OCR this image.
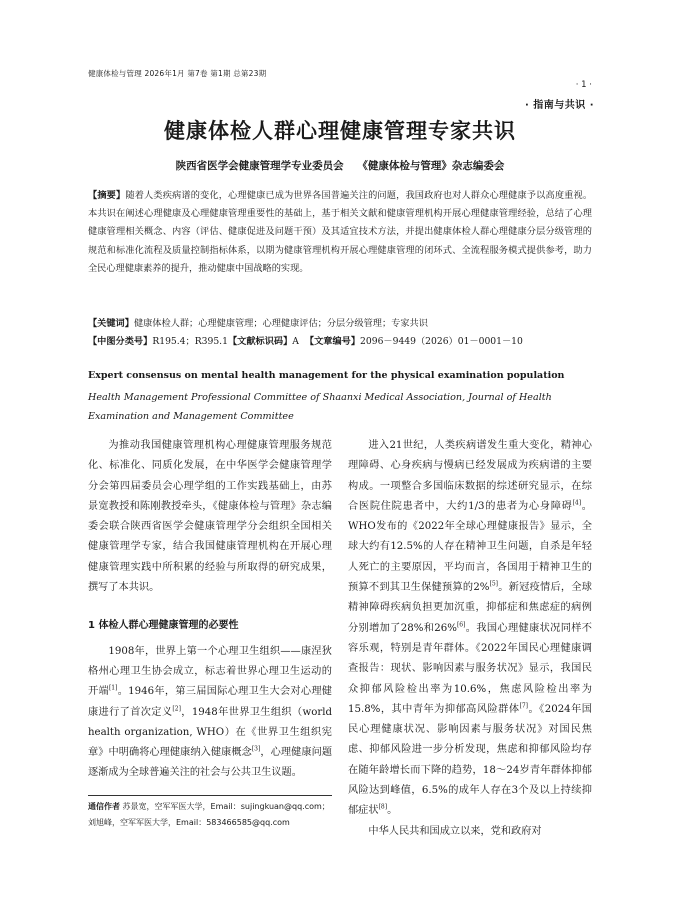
健康体检与管理 2026年1月 第7卷 第1期 总第23期
· 1 ·
· 指南与共识 ·
健康体检人群心理健康管理专家共识
陕西省医学会健康管理学专业委员会 《健康体检与管理》杂志编委会
【摘要】随着人类疾病谱的变化，心理健康已成为世界各国普遍关注的问题，我国政府也对人群众心理健康予以高度重视。本共识在阐述心理健康及心理健康管理重要性的基础上，基于相关文献和健康管理机构开展心理健康管理经验，总结了心理健康管理相关概念、内容（评估、健康促进及问题干预）及其适宜技术方法，并提出健康体检人群心理健康分层分级管理的规范和标准化流程及质量控制指标体系，以期为健康管理机构开展心理健康管理的闭环式、全流程服务模式提供参考，助力全民心理健康素养的提升，推动健康中国战略的实现。
【关键词】健康体检人群；心理健康管理；心理健康评估；分层分级管理；专家共识
【中图分类号】R195.4；R395.1【文献标识码】A 【文章编号】2096－9449（2026）01－0001－10
Expert consensus on mental health management for the physical examination population
Health Management Professional Committee of Shaanxi Medical Association, Journal of Health Examination and Management Committee

为推动我国健康管理机构心理健康管理服务规范化、标准化、同质化发展，在中华医学会健康管理学分会第四届委员会心理学组的工作实践基础上，由苏景宽教授和陈刚教授牵头，《健康体检与管理》杂志编委会联合陕西省医学会健康管理学分会组织全国相关健康管理学专家，结合我国健康管理机构在开展心理健康管理实践中所积累的经验与所取得的研究成果，撰写了本共识。

1 体检人群心理健康管理的必要性

1908年，世界上第一个心理卫生组织——康涅狄格州心理卫生协会成立，标志着世界心理卫生运动的开端[1]。1946年，第三届国际心理卫生大会对心理健康进行了首次定义[2]，1948年世界卫生组织（world health organization, WHO）在《世界卫生组织宪章》中明确将心理健康纳入健康概念[3]，心理健康问题逐渐成为全球普遍关注的社会与公共卫生议题。

进入21世纪，人类疾病谱发生重大变化，精神心理障碍、心身疾病与慢病已经发展成为疾病谱的主要构成。一项整合多国临床数据的综述研究显示，在综合医院住院患者中，大约1/3的患者为心身障碍[4]。WHO发布的《2022年全球心理健康报告》显示，全球大约有12.5%的人存在精神卫生问题，自杀是年轻人死亡的主要原因，平均而言，各国用于精神卫生的预算不到其卫生保健预算的2%[5]。新冠疫情后，全球精神障碍疾病负担更加沉重，抑郁症和焦虑症的病例分别增加了28%和26%[6]。我国心理健康状况同样不容乐观，特别是青年群体。《2022年国民心理健康调查报告：现状、影响因素与服务状况》显示，我国民众抑郁风险检出率为10.6%，焦虑风险检出率为15.8%，其中青年为抑郁高风险群体[7]。《2024年国民心理健康状况、影响因素与服务状况》对国民焦虑、抑郁风险进一步分析发现，焦虑和抑郁风险均存在随年龄增长而下降的趋势，18～24岁青年群体抑郁风险达到峰值，6.5%的成年人存在3个及以上持续抑郁症状[8]。

中华人民共和国成立以来，党和政府对

通信作者 苏景宽，空军军医大学，Email：sujingkuan@qq.com；刘旭峰，空军军医大学，Email：583466585@qq.com
